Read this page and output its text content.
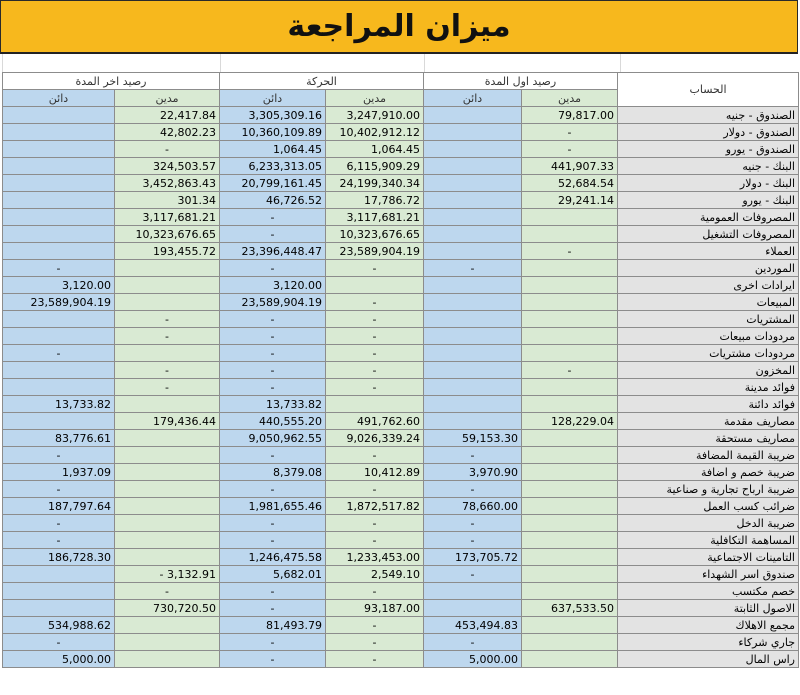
ميزان المراجعة
رصيد اخر المدة		الحركة		رصيد اول المدة		الحساب
دائن	مدين	دائن	مدين	دائن	مدين	
	22,417.84	3,305,309.16	3,247,910.00		79,817.00	الصندوق - جنيه
	42,802.23	10,360,109.89	10,402,912.12		-	الصندوق - دولار
	-	1,064.45	1,064.45		-	الصندوق - يورو
	324,503.57	6,233,313.05	6,115,909.29		441,907.33	البنك - جنيه
	3,452,863.43	20,799,161.45	24,199,340.34		52,684.54	البنك - دولار
	301.34	46,726.52	17,786.72		29,241.14	البنك - يورو
	3,117,681.21	-	3,117,681.21			المصروفات العمومية
	10,323,676.65	-	10,323,676.65			المصروفات التشغيل
	193,455.72	23,396,448.47	23,589,904.19		-	العملاء
-		-	-	-		الموردين
3,120.00		3,120.00				ايرادات اخرى
23,589,904.19		23,589,904.19	-			المبيعات
	-	-	-			المشتريات
	-	-	-			مردودات مبيعات
-		-	-			مردودات مشتريات
	-	-	-		-	المخزون
	-	-	-			فوائد مدينة
13,733.82		13,733.82				فوائد دائنة
	179,436.44	440,555.20	491,762.60		128,229.04	مصاريف مقدمة
83,776.61		9,050,962.55	9,026,339.24	59,153.30		مصاريف مستحقة
-		-	-	-		ضريبة القيمة المضافة
1,937.09		8,379.08	10,412.89	3,970.90		ضريبة خصم و اضافة
-		-	-	-		ضريبة ارباح تجارية و صناعية
187,797.64		1,981,655.46	1,872,517.82	78,660.00		ضرائب كسب العمل
-		-	-	-		ضريبة الدخل
-		-	-	-		المساهمة التكافلية
186,728.30		1,246,475.58	1,233,453.00	173,705.72		التامينات الاجتماعية
	- 3,132.91	5,682.01	2,549.10	-		صندوق اسر الشهداء
	-	-	-			خصم مكتسب
	730,720.50	-	93,187.00		637,533.50	الاصول الثابتة
534,988.62		81,493.79	-	453,494.83		مجمع الاهلاك
-		-	-	-		جاري شركاء
5,000.00		-	-	5,000.00		راس المال
